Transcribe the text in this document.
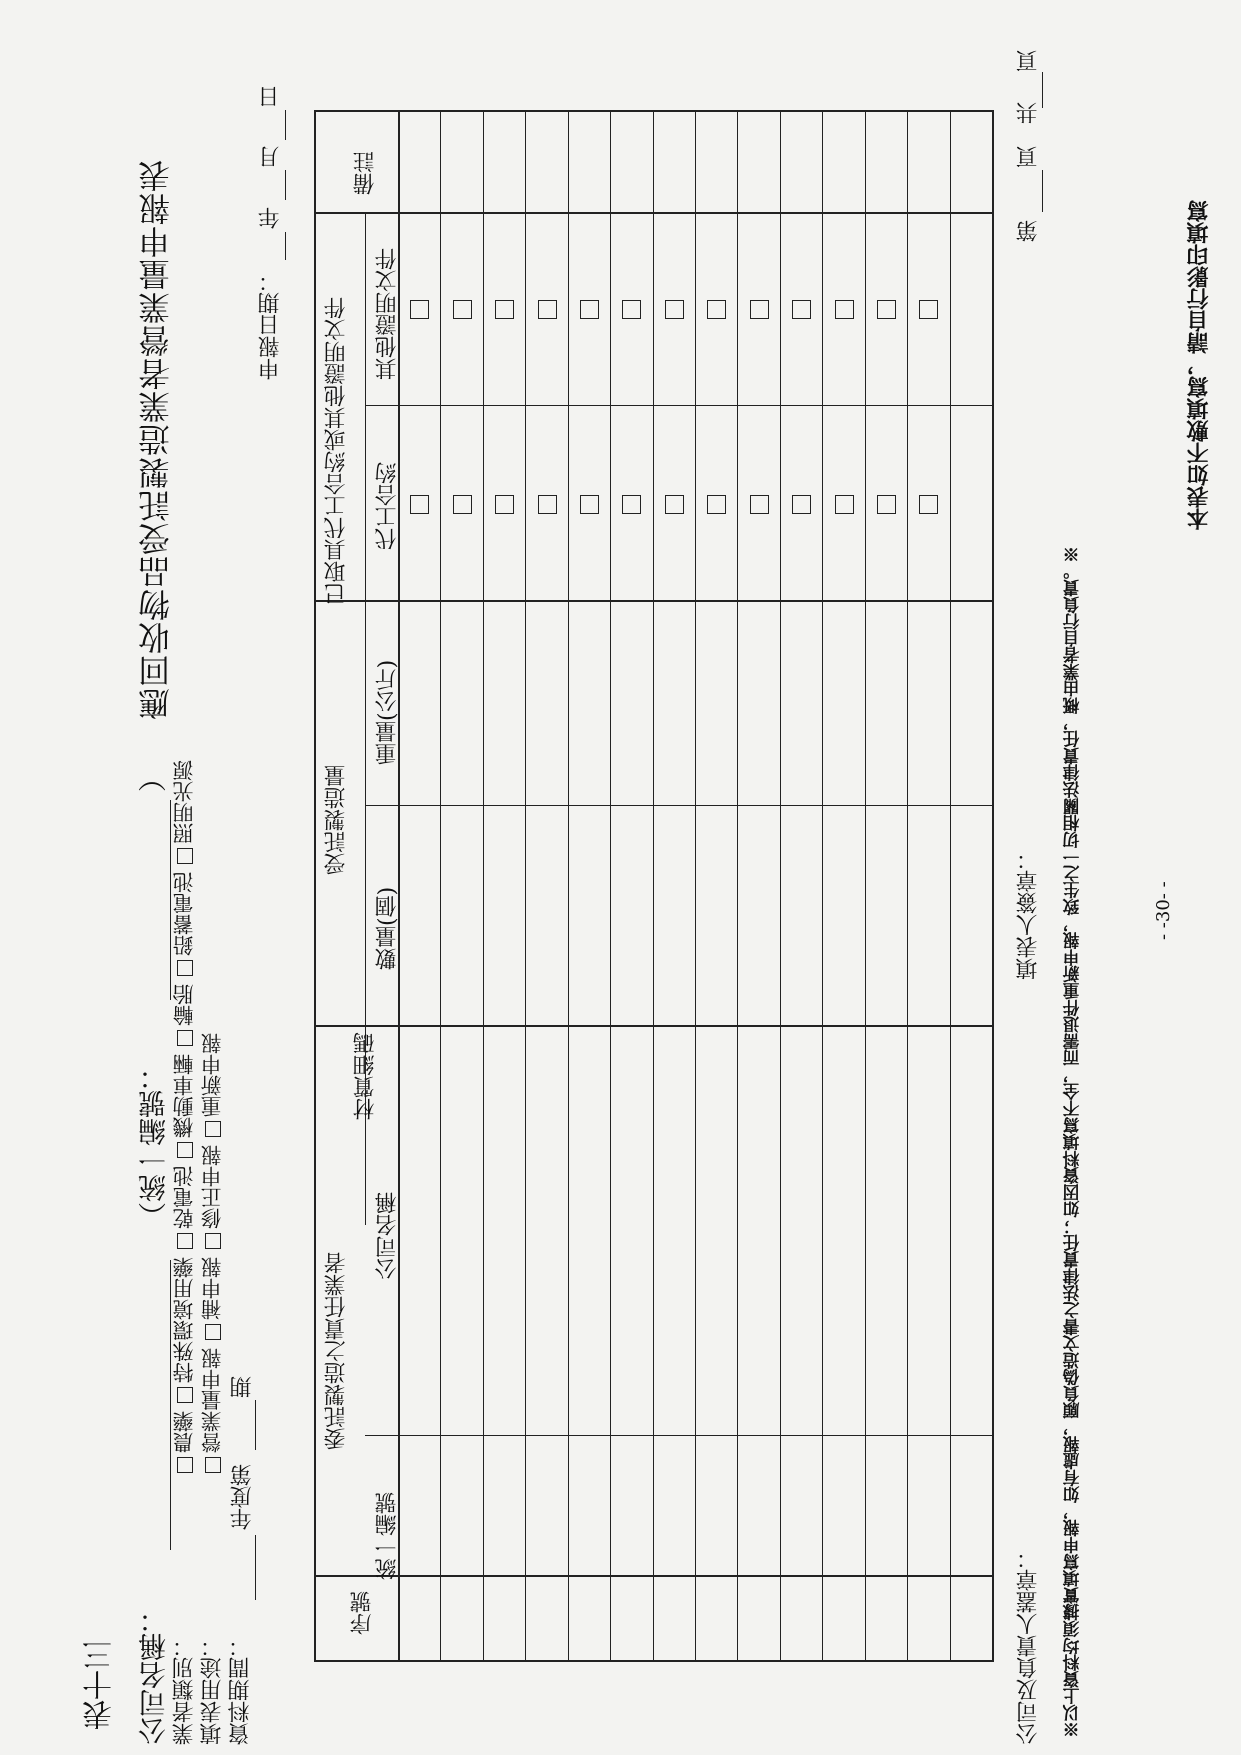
表十三 公司名稱：
（統一編號：
）
業者類別：
農藥
特殊環境用藥
乾電池
機動車輛
輪胎
鉛蓄電池
照明光源
填表用途：
營業量申報
補申報
修正申報
重新申報
資料期間：
年度第
期
應回收物品受託製造業者營業量申報表	申報日期：
年
月
日
序號
委託製造之責任業者
統一編號
公司名稱
材質細碼
受託製造量
數量(個)
重量(公斤)
已取具代工合約或其他證明文件 代工合約
其他證明文件
備註
公司及負責人蓋章：
填表人簽章：
第
頁　共
頁
※以上資料均須據實填寫申報，如有虛報，願負偽造文書之法律責任；如因資料填寫不全，而需退件重新申報，致生之一切相關法律責任，概由業者自行負責。※	- -30- -
本表如不敷填寫，請自行影印填寫
